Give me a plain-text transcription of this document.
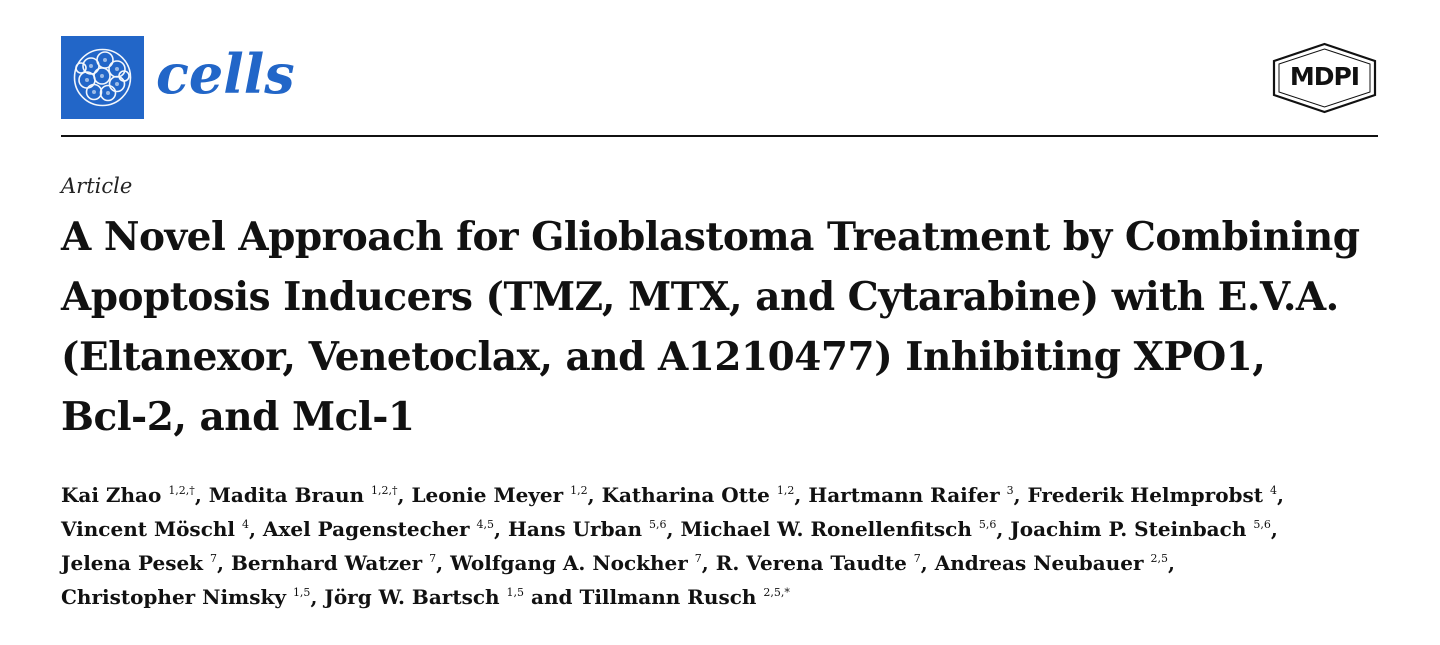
cells	MDPI
Article
A Novel Approach for Glioblastoma Treatment by Combining
Apoptosis Inducers (TMZ, MTX, and Cytarabine) with E.V.A.
(Eltanexor, Venetoclax, and A1210477) Inhibiting XPO1,
Bcl-2, and Mcl-1
Kai Zhao $^{1,2,\dagger}$, Madita Braun $^{1,2,\dagger}$, Leonie Meyer $^{1,2}$, Katharina Otte $^{1,2}$, Hartmann Raifer $^3$, Frederik Helmprobst $^4$,
Vincent Möschl $^4$, Axel Pagenstecher $^{4,5}$, Hans Urban $^{5,6}$, Michael W. Ronellenfitsch $^{5,6}$, Joachim P. Steinbach $^{5,6}$,
Jelena Pesek $^7$, Bernhard Watzer $^7$, Wolfgang A. Nockher $^7$, R. Verena Taudte $^7$, Andreas Neubauer $^{2,5}$,
Christopher Nimsky $^{1,5}$, Jörg W. Bartsch $^{1,5}$ and Tillmann Rusch $^{2,5,*}$
